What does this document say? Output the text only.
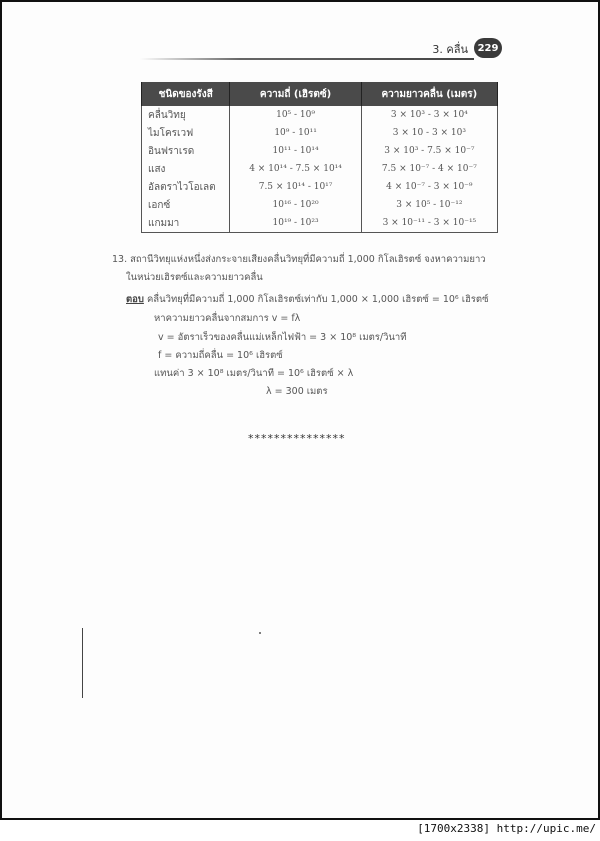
3. คลื่น 229
ชนิดของรังสี	ความถี่ (เฮิรตซ์)	ความยาวคลื่น (เมตร)
คลื่นวิทยุ	10⁵ - 10⁹	3 × 10³ - 3 × 10⁴
ไมโครเวฟ	10⁹ - 10¹¹	3 × 10 - 3 × 10³
อินฟราเรด	10¹¹ - 10¹⁴	3 × 10³ - 7.5 × 10⁻⁷
แสง	4 × 10¹⁴ - 7.5 × 10¹⁴	7.5 × 10⁻⁷ - 4 × 10⁻⁷
อัลตราไวโอเลต	7.5 × 10¹⁴ - 10¹⁷	4 × 10⁻⁷ - 3 × 10⁻⁹
เอกซ์	10¹⁶ - 10²⁰	3 × 10⁵ - 10⁻¹²
แกมมา	10¹⁹ - 10²³	3 × 10⁻¹¹ - 3 × 10⁻¹⁵
13. สถานีวิทยุแห่งหนึ่งส่งกระจายเสียงคลื่นวิทยุที่มีความถี่ 1,000 กิโลเฮิรตซ์ จงหาความยาว
ในหน่วยเฮิรตซ์และความยาวคลื่น
ตอบ คลื่นวิทยุที่มีความถี่ 1,000 กิโลเฮิรตซ์เท่ากับ 1,000 × 1,000 เฮิรตซ์ = 10⁶ เฮิรตซ์
หาความยาวคลื่นจากสมการ v = fλ
v = อัตราเร็วของคลื่นแม่เหล็กไฟฟ้า = 3 × 10⁸ เมตร/วินาที
f = ความถี่คลื่น = 10⁶ เฮิรตซ์
แทนค่า 3 × 10⁸ เมตร/วินาที = 10⁶ เฮิรตซ์ × λ
λ = 300 เมตร
***************
[1700x2338] http://upic.me/
